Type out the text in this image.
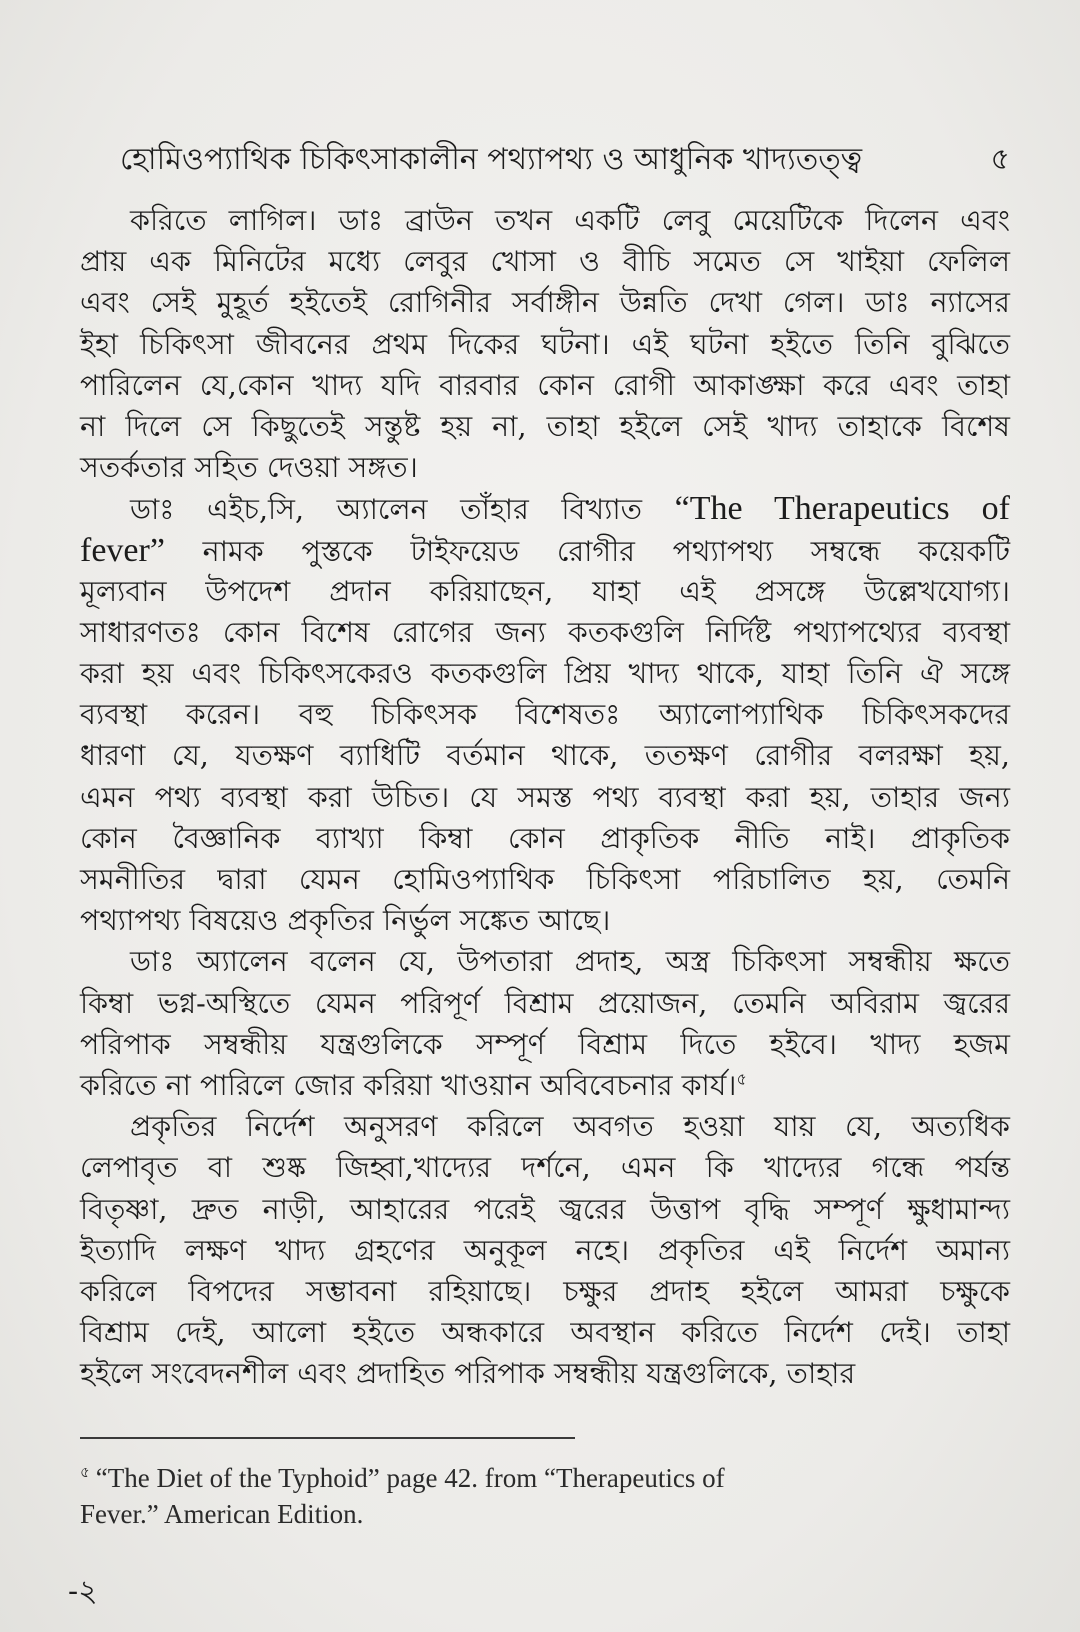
হোমিওপ্যাথিক চিকিৎসাকালীন পথ্যাপথ্য ও আধুনিক খাদ্যতত্ত্ব	৫
করিতে লাগিল। ডাঃ ব্রাউন তখন একটি লেবু মেয়েটিকে দিলেন এবং
প্রায় এক মিনিটের মধ্যে লেবুর খোসা ও বীচি সমেত সে খাইয়া ফেলিল
এবং সেই মুহূর্ত হইতেই রোগিনীর সর্বাঙ্গীন উন্নতি দেখা গেল। ডাঃ ন্যাসের
ইহা চিকিৎসা জীবনের প্রথম দিকের ঘটনা। এই ঘটনা হইতে তিনি বুঝিতে
পারিলেন যে,কোন খাদ্য যদি বারবার কোন রোগী আকাঙ্ক্ষা করে এবং তাহা
না দিলে সে কিছুতেই সন্তুষ্ট হয় না, তাহা হইলে সেই খাদ্য তাহাকে বিশেষ
সতর্কতার সহিত দেওয়া সঙ্গত।
ডাঃ এইচ,সি, অ্যালেন তাঁহার বিখ্যাত “The Therapeutics of
fever” নামক পুস্তকে টাইফয়েড রোগীর পথ্যাপথ্য সম্বন্ধে কয়েকটি
মূল্যবান উপদেশ প্রদান করিয়াছেন, যাহা এই প্রসঙ্গে উল্লেখযোগ্য।
সাধারণতঃ কোন বিশেষ রোগের জন্য কতকগুলি নির্দিষ্ট পথ্যাপথ্যের ব্যবস্থা
করা হয় এবং চিকিৎসকেরও কতকগুলি প্রিয় খাদ্য থাকে, যাহা তিনি ঐ সঙ্গে
ব্যবস্থা করেন। বহু চিকিৎসক বিশেষতঃ অ্যালোপ্যাথিক চিকিৎসকদের
ধারণা যে, যতক্ষণ ব্যাধিটি বর্তমান থাকে, ততক্ষণ রোগীর বলরক্ষা হয়,
এমন পথ্য ব্যবস্থা করা উচিত। যে সমস্ত পথ্য ব্যবস্থা করা হয়, তাহার জন্য
কোন বৈজ্ঞানিক ব্যাখ্যা কিম্বা কোন প্রাকৃতিক নীতি নাই। প্রাকৃতিক
সমনীতির দ্বারা যেমন হোমিওপ্যাথিক চিকিৎসা পরিচালিত হয়, তেমনি
পথ্যাপথ্য বিষয়েও প্রকৃতির নির্ভুল সঙ্কেত আছে।
ডাঃ অ্যালেন বলেন যে, উপতারা প্রদাহ, অস্ত্র চিকিৎসা সম্বন্ধীয় ক্ষতে
কিম্বা ভগ্ন-অস্থিতে যেমন পরিপূর্ণ বিশ্রাম প্রয়োজন, তেমনি অবিরাম জ্বরের
পরিপাক সম্বন্ধীয় যন্ত্রগুলিকে সম্পূর্ণ বিশ্রাম দিতে হইবে। খাদ্য হজম
করিতে না পারিলে জোর করিয়া খাওয়ান অবিবেচনার কার্য।$^৫$
প্রকৃতির নির্দেশ অনুসরণ করিলে অবগত হওয়া যায় যে, অত্যধিক
লেপাবৃত বা শুষ্ক জিহ্বা,খাদ্যের দর্শনে, এমন কি খাদ্যের গন্ধে পর্যন্ত
বিতৃষ্ণা, দ্রুত নাড়ী, আহারের পরেই জ্বরের উত্তাপ বৃদ্ধি সম্পূর্ণ ক্ষুধামান্দ্য
ইত্যাদি লক্ষণ খাদ্য গ্রহণের অনুকূল নহে। প্রকৃতির এই নির্দেশ অমান্য
করিলে বিপদের সম্ভাবনা রহিয়াছে। চক্ষুর প্রদাহ হইলে আমরা চক্ষুকে
বিশ্রাম দেই, আলো হইতে অন্ধকারে অবস্থান করিতে নির্দেশ দেই। তাহা
হইলে সংবেদনশীল এবং প্রদাহিত পরিপাক সম্বন্ধীয় যন্ত্রগুলিকে, তাহার
$^৫$ “The Diet of the Typhoid” page 42. from “Therapeutics of
Fever.” American Edition.
-২
